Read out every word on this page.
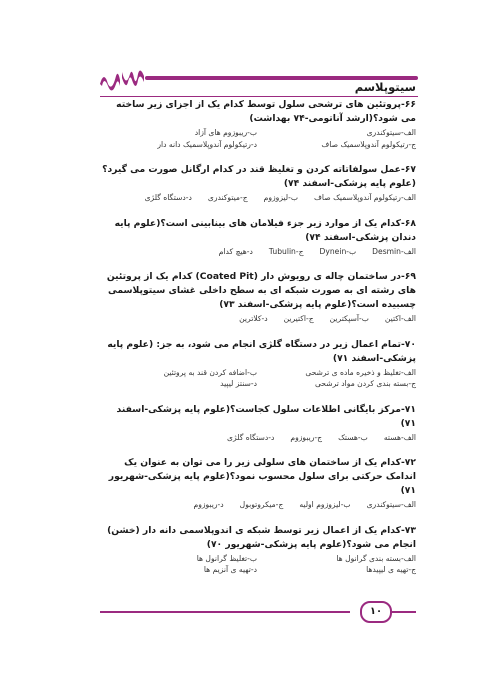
سیتوپلاسم
۶۶-پروتئین های ترشحی سلول توسط کدام یک از اجزای زیر ساخته می شود؟(ارشد آناتومی-۷۴ بهداشت)
الف-سیتوکندری
ب-ریبوزوم های آزاد
ج-رتیکولوم آندوپلاسمیک صاف
د-رتیکولوم آندوپلاسمیک دانه دار
۶۷-عمل سولفاتاته کردن و تغلیظ قند در کدام ارگانل صورت می گیرد؟(علوم پایه پزشکی-اسفند ۷۴)
الف-رتیکولوم آندوپلاسمیک صاف
ب-لیزوزوم
ج-میتوکندری
د-دستگاه گلژی
۶۸-کدام یک از موارد زیر جزء فیلامان های بینابینی است؟(علوم پایه دندان پزشکی-اسفند ۷۴)
الف-Desmin
ب-Dynein
ج-Tubulin
د-هیچ کدام
۶۹-در ساختمان چاله ی رویوش دار (Coated Pit) کدام یک از پروتئین های رشته ای به صورت شبکه ای به سطح داخلی غشای سیتوپلاسمی چسبیده است؟(علوم پایه پزشکی-اسفند ۷۳)
الف-اکتین
ب-آسپکترین
ج-اکتیرین
د-کلاترین
۷۰-تمام اعمال زیر در دستگاه گلژی انجام می شود، به جز: (علوم پایه پزشکی-اسفند ۷۱)
الف-تغلیظ و ذخیره ماده ی ترشحی
ب-اضافه کردن قند به پروتئین
ج-بسته بندی کردن مواد ترشحی
د-سنتز لیپید
۷۱-مرکز بایگانی اطلاعات سلول کجاست؟(علوم پایه پزشکی-اسفند ۷۱)
الف-هسته
ب-هستک
ج-ریبوزوم
د-دستگاه گلژی
۷۲-کدام یک از ساختمان های سلولی زیر را می توان به عنوان یک اندامک حرکتی برای سلول محسوب نمود؟(علوم پایه پزشکی-شهریور ۷۱)
الف-سیتوکندری
ب-لیزوزوم اولیه
ج-میکروتوبول
د-ریبوزوم
۷۳-کدام یک از اعمال زیر توسط شبکه ی اندوپلاسمی دانه دار (خشن) انجام می شود؟(علوم پایه پزشکی-شهریور ۷۰)
الف-بسته بندی گرانول ها
ب-تغلیظ گرانول ها
ج-تهیه ی لیپیدها
د-تهیه ی آنزیم ها
۱۰
